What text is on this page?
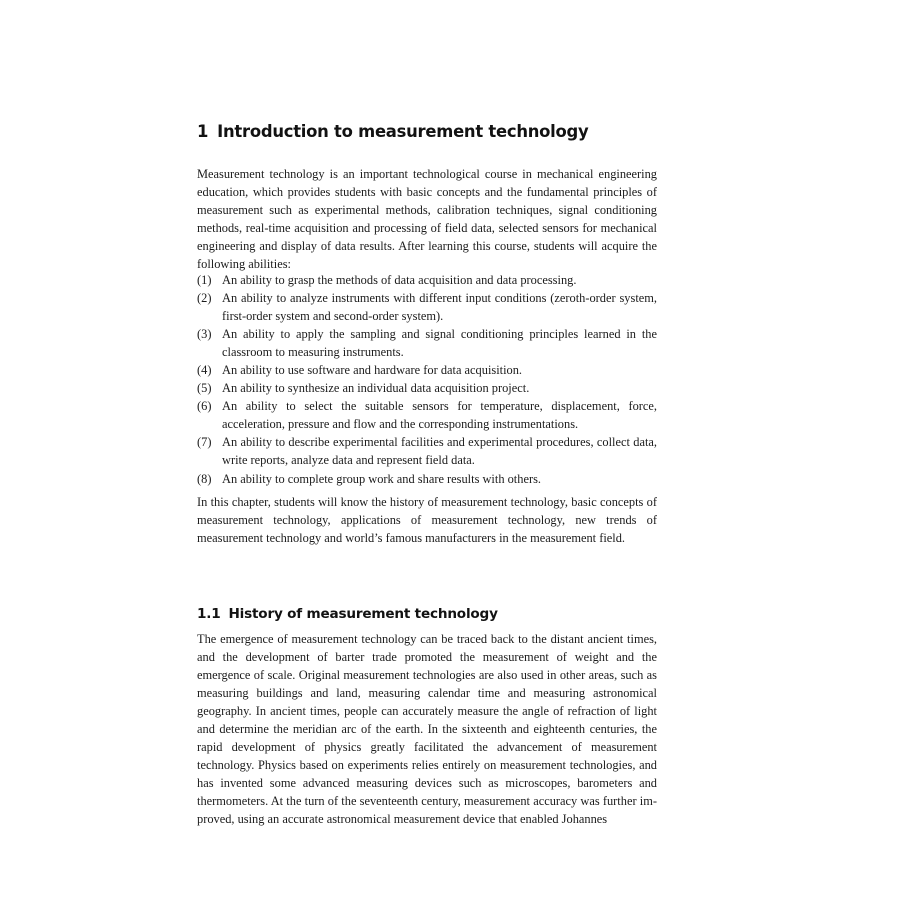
1 Introduction to measurement technology

Measurement technology is an important technological course in mechanical engineering education, which provides students with basic concepts and the fundamental principles of measurement such as experimental methods, calibration techniques, signal conditioning methods, real-time acquisition and processing of field data, selected sensors for mechanical engineering and display of data results. After learning this course, students will acquire the following abilities:

(1) An ability to grasp the methods of data acquisition and data processing.
(2) An ability to analyze instruments with different input conditions (zeroth-order system, first-order system and second-order system).
(3) An ability to apply the sampling and signal conditioning principles learned in the classroom to measuring instruments.
(4) An ability to use software and hardware for data acquisition.
(5) An ability to synthesize an individual data acquisition project.
(6) An ability to select the suitable sensors for temperature, displacement, force, acceleration, pressure and flow and the corresponding instrumentations.
(7) An ability to describe experimental facilities and experimental procedures, collect data, write reports, analyze data and represent field data.
(8) An ability to complete group work and share results with others.

In this chapter, students will know the history of measurement technology, basic concepts of measurement technology, applications of measurement technology, new trends of measurement technology and world’s famous manufacturers in the measurement field.

1.1 History of measurement technology

The emergence of measurement technology can be traced back to the distant ancient times, and the development of barter trade promoted the measurement of weight and the emergence of scale. Original measurement technologies are also used in other areas, such as measuring buildings and land, measuring calendar time and measuring astronomical geography. In ancient times, people can accurately measure the angle of refraction of light and determine the meridian arc of the earth. In the sixteenth and eighteenth centuries, the rapid development of physics greatly facilitated the advancement of measurement technology. Physics based on experiments relies entirely on measurement technologies, and has invented some advanced measuring devices such as microscopes, barometers and thermometers. At the turn of the seventeenth century, measurement accuracy was further improved, using an accurate astronomical measurement device that enabled Johannes
